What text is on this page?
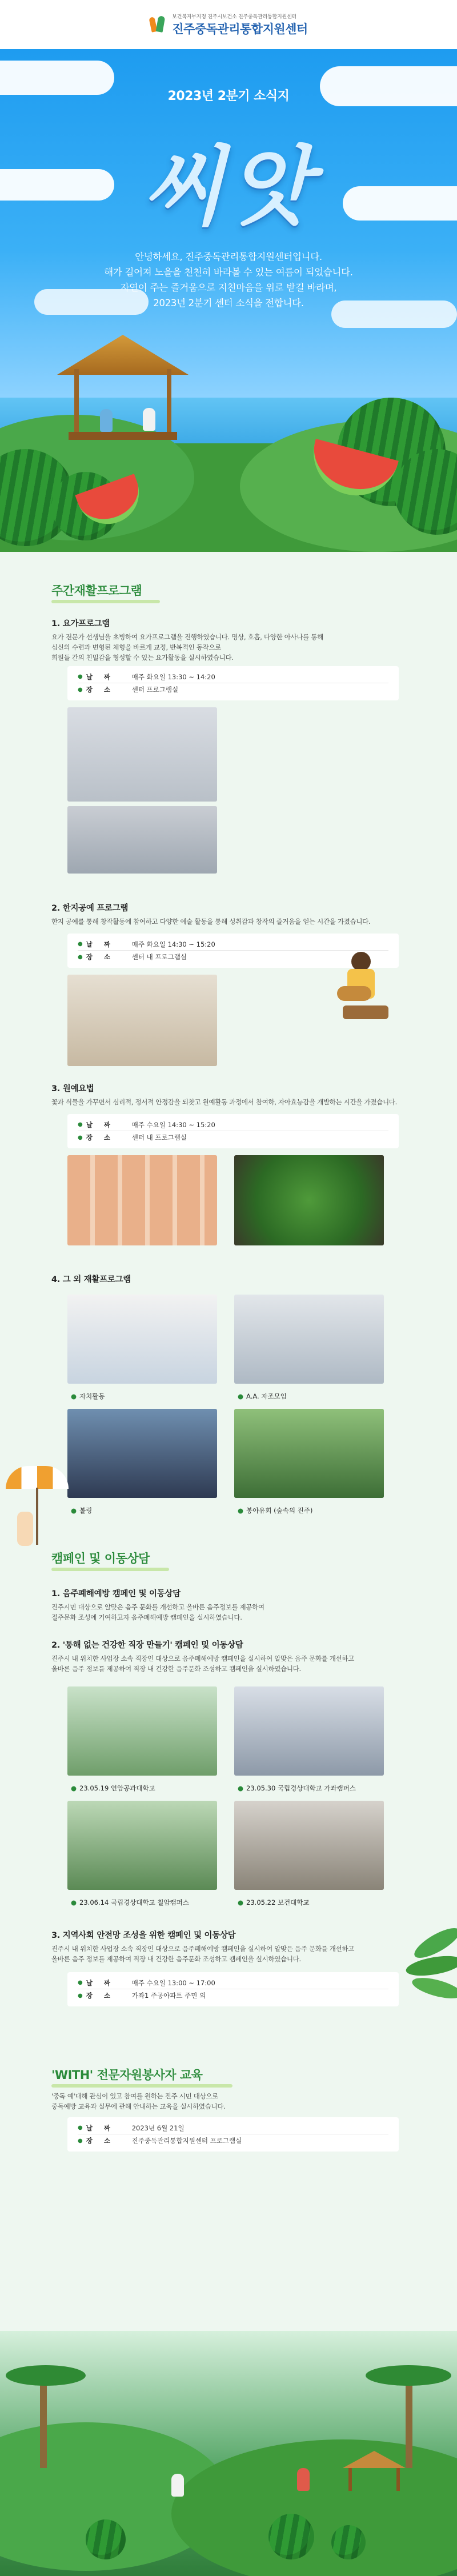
보건복지부지정 진주시보건소 진주중독관리통합지원센터
진주중독관리통합지원센터
2023년 2분기 소식지
씨앗
안녕하세요, 진주중독관리통합지원센터입니다.
해가 길어져 노을을 천천히 바라볼 수 있는 여름이 되었습니다.
자연이 주는 즐거움으로 지친마음을 위로 받길 바라며,
2023년 2분기 센터 소식을 전합니다.
주간재활프로그램
1. 요가프로그램
요가 전문가 선생님을 초빙하여 요가프로그램을 진행하였습니다. 명상, 호흡, 다양한 아사나를 통해
심신의 수련과 변형된 체형을 바르게 교정, 반복적인 동작으로
회원들 간의 친밀감을 형성할 수 있는 요가활동을 실시하였습니다.
● 날 짜	매주 화요일 13:30 ~ 14:20
● 장 소	센터 프로그램실
2. 한지공예 프로그램
한지 공예를 통해 창작활동에 참여하고 다양한 예술 활동을 통해 성취감과 창작의 즐거움을 얻는 시간을 가졌습니다.
● 날 짜	매주 화요일 14:30 ~ 15:20
● 장 소	센터 내 프로그램실
3. 원예요법
꽃과 식물을 가꾸면서 심리적, 정서적 안정감을 되찾고 원예활동 과정에서 참여하, 자아효능감을 개발하는 시간을 가졌습니다.
● 날 짜	매주 수요일 14:30 ~ 15:20
● 장 소	센터 내 프로그램실
4. 그 외 재활프로그램
● 자치활동	● A.A. 자조모임
● 볼링	● 봉아유회 (숲속의 진주)
캠페인 및 이동상담
1. 음주폐해예방 캠페인 및 이동상담
진주시민 대상으로 알맞은 음주 문화를 개선하고 올바른 음주정보를 제공하여
절주문화 조성에 기여하고자 음주폐해예방 캠페인을 실시하였습니다.
2. '통해 없는 건강한 직장 만들기' 캠페인 및 이동상담
진주시 내 위치한 사업장 소속 직장인 대상으로 음주폐해예방 캠페인을 실시하여 알맞은 음주 문화를 개선하고
올바른 음주 정보를 제공하여 직장 내 건강한 음주문화 조성하고 캠페인을 실시하였습니다.
● 23.05.19 연암공과대학교	● 23.05.30 국립경상대학교 가좌캠퍼스
● 23.06.14 국립경상대학교 칠암캠퍼스	● 23.05.22 보건대학교
3. 지역사회 안전망 조성을 위한 캠페인 및 이동상담
진주시 내 위치한 사업장 소속 직장인 대상으로 음주폐해예방 캠페인을 실시하여 알맞은 음주 문화를 개선하고
올바른 음주 정보를 제공하여 직장 내 건강한 음주문화 조성하고 캠페인을 실시하였습니다.
● 날 짜	매주 수요일 13:00 ~ 17:00
● 장 소	가좌1 주공아파트 주민 외
'WITH' 전문자원봉사자 교육
'중독 예'대해 관심이 있고 참여를 원하는 진주 시민 대상으로
중독예방 교육과 실무에 관해 안내하는 교육을 실시하였습니다.
● 날 짜	2023년 6월 21일
● 장 소	진주중독관리통합지원센터 프로그램실
